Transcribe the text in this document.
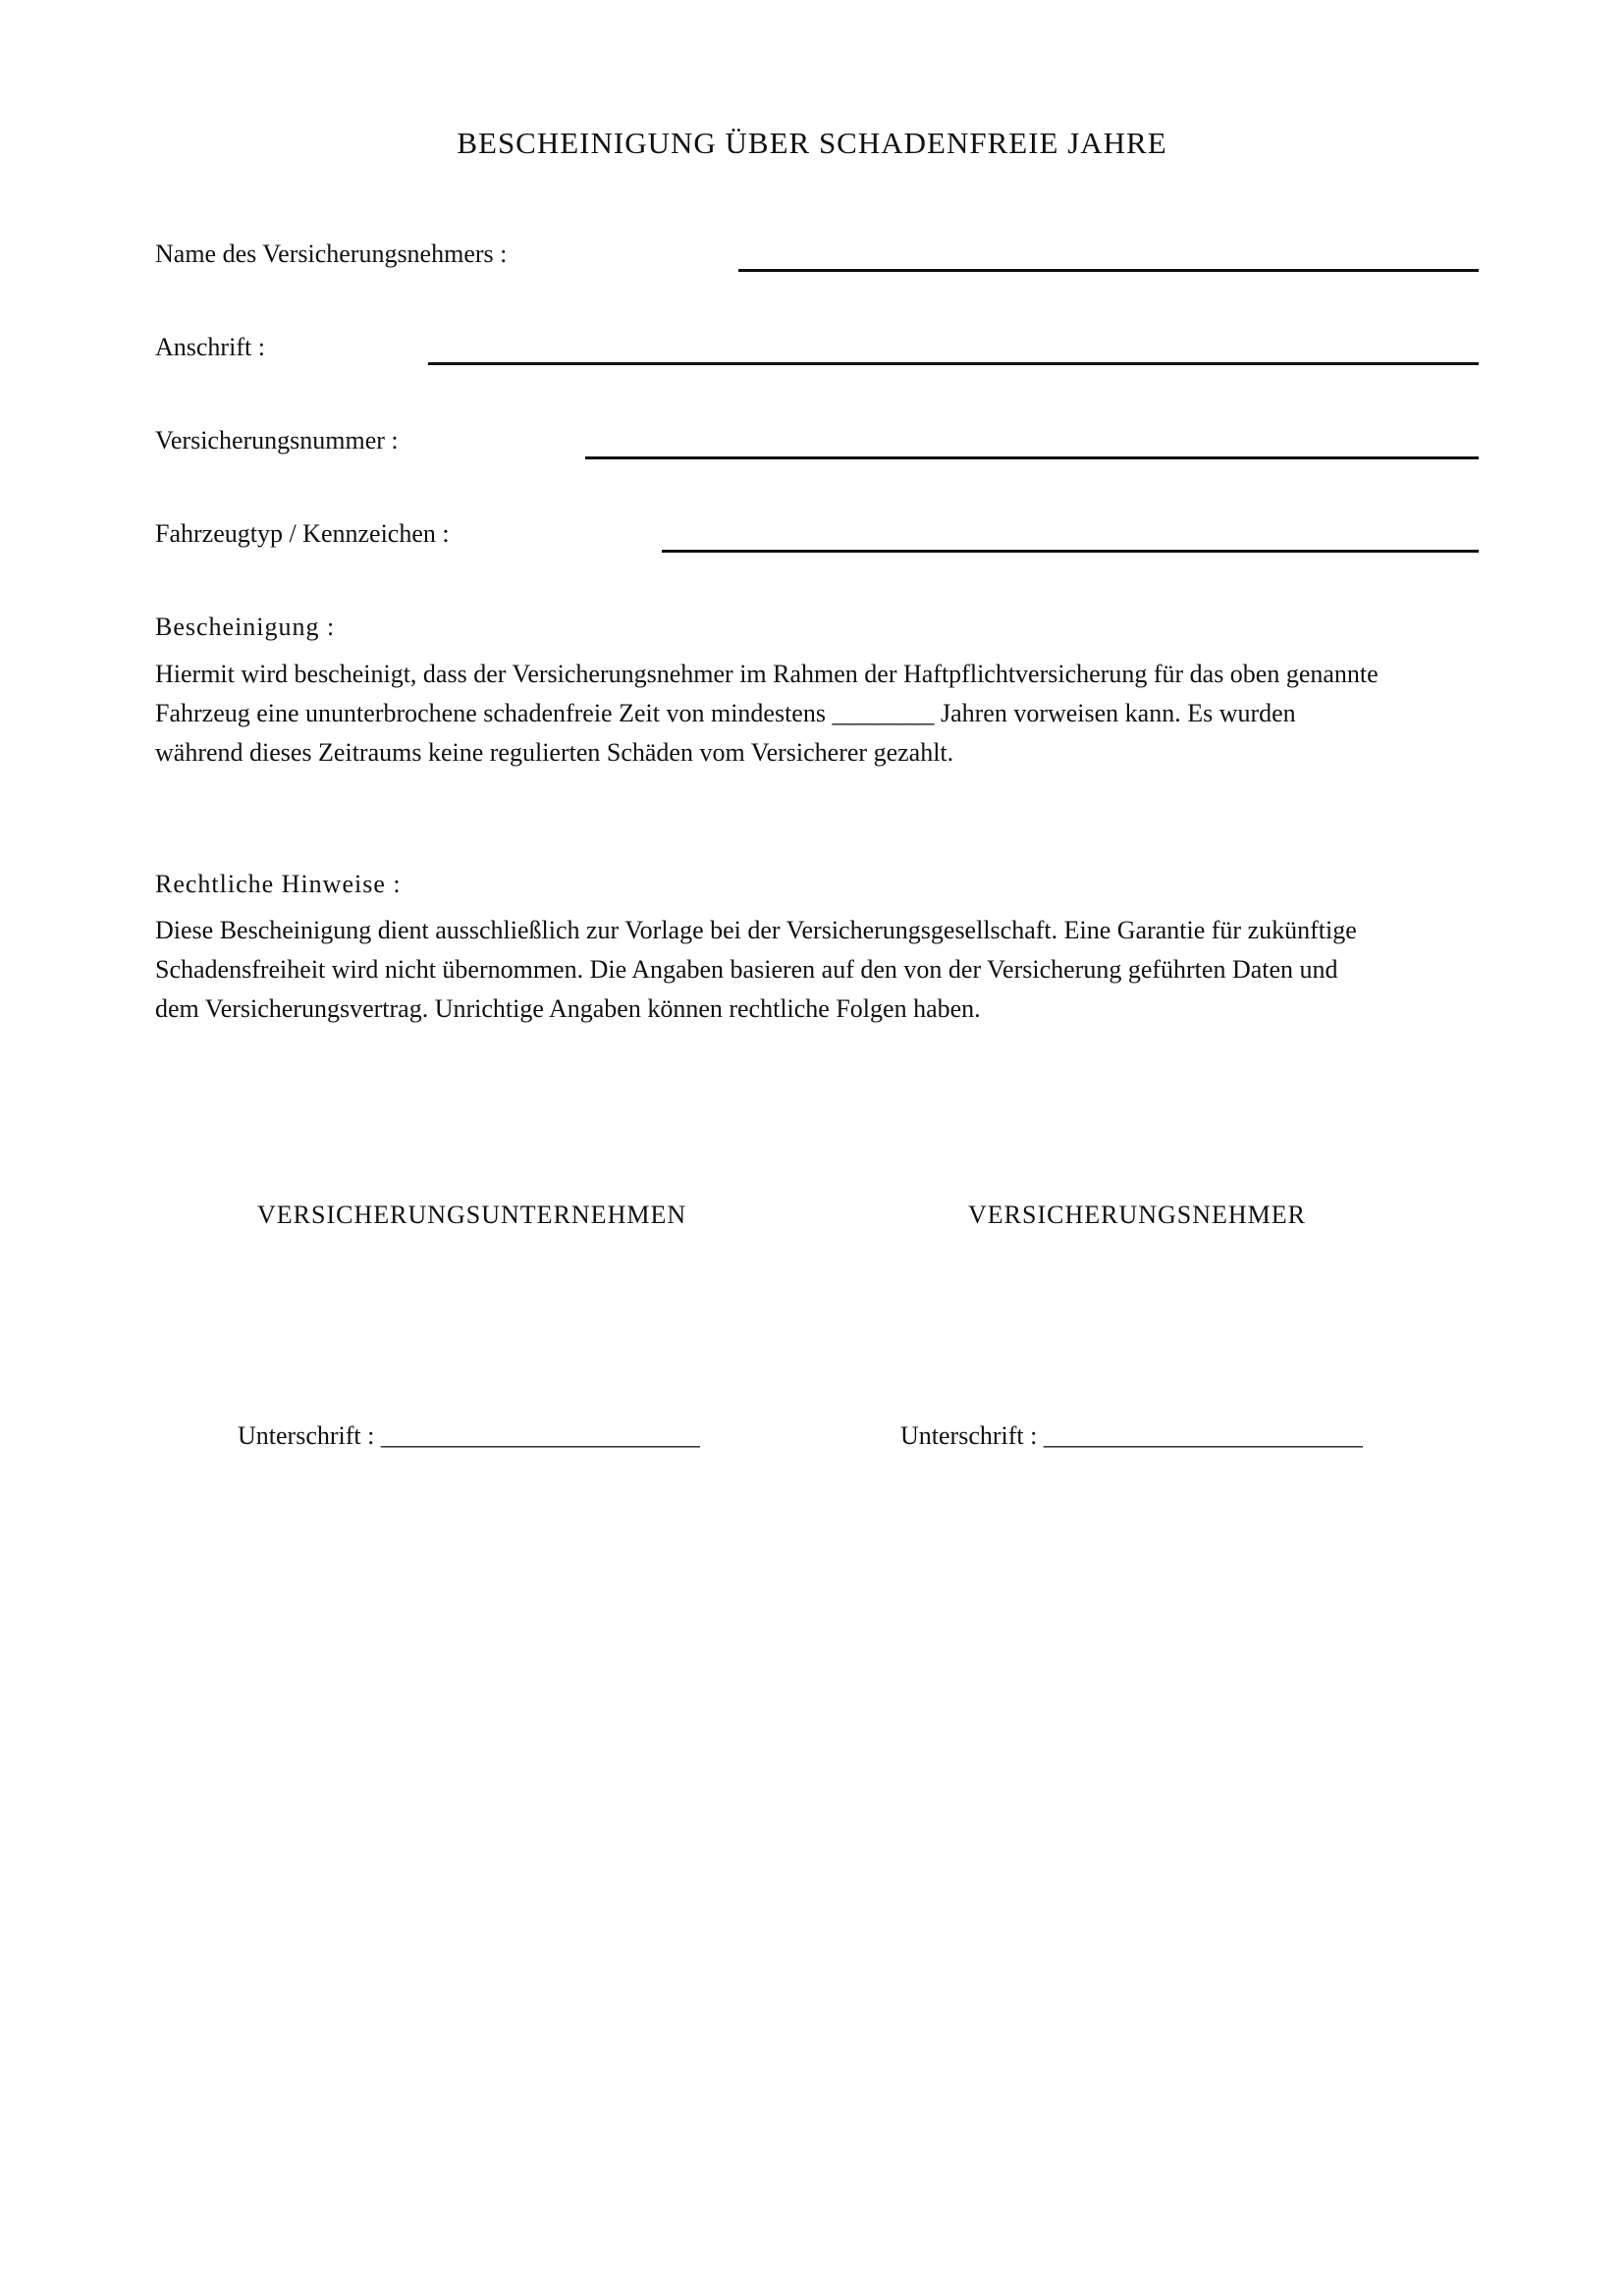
BESCHEINIGUNG ÜBER SCHADENFREIE JAHRE
Name des Versicherungsnehmers :
Anschrift :
Versicherungsnummer :
Fahrzeugtyp / Kennzeichen :
Bescheinigung :
Hiermit wird bescheinigt, dass der Versicherungsnehmer im Rahmen der Haftpflichtversicherung für das oben genannte
Fahrzeug eine ununterbrochene schadenfreie Zeit von mindestens ________ Jahren vorweisen kann. Es wurden
während dieses Zeitraums keine regulierten Schäden vom Versicherer gezahlt.
Rechtliche Hinweise :
Diese Bescheinigung dient ausschließlich zur Vorlage bei der Versicherungsgesellschaft. Eine Garantie für zukünftige
Schadensfreiheit wird nicht übernommen. Die Angaben basieren auf den von der Versicherung geführten Daten und
dem Versicherungsvertrag. Unrichtige Angaben können rechtliche Folgen haben.
VERSICHERUNGSUNTERNEHMEN	VERSICHERUNGSNEHMER
Unterschrift : _________________________	Unterschrift : _________________________
